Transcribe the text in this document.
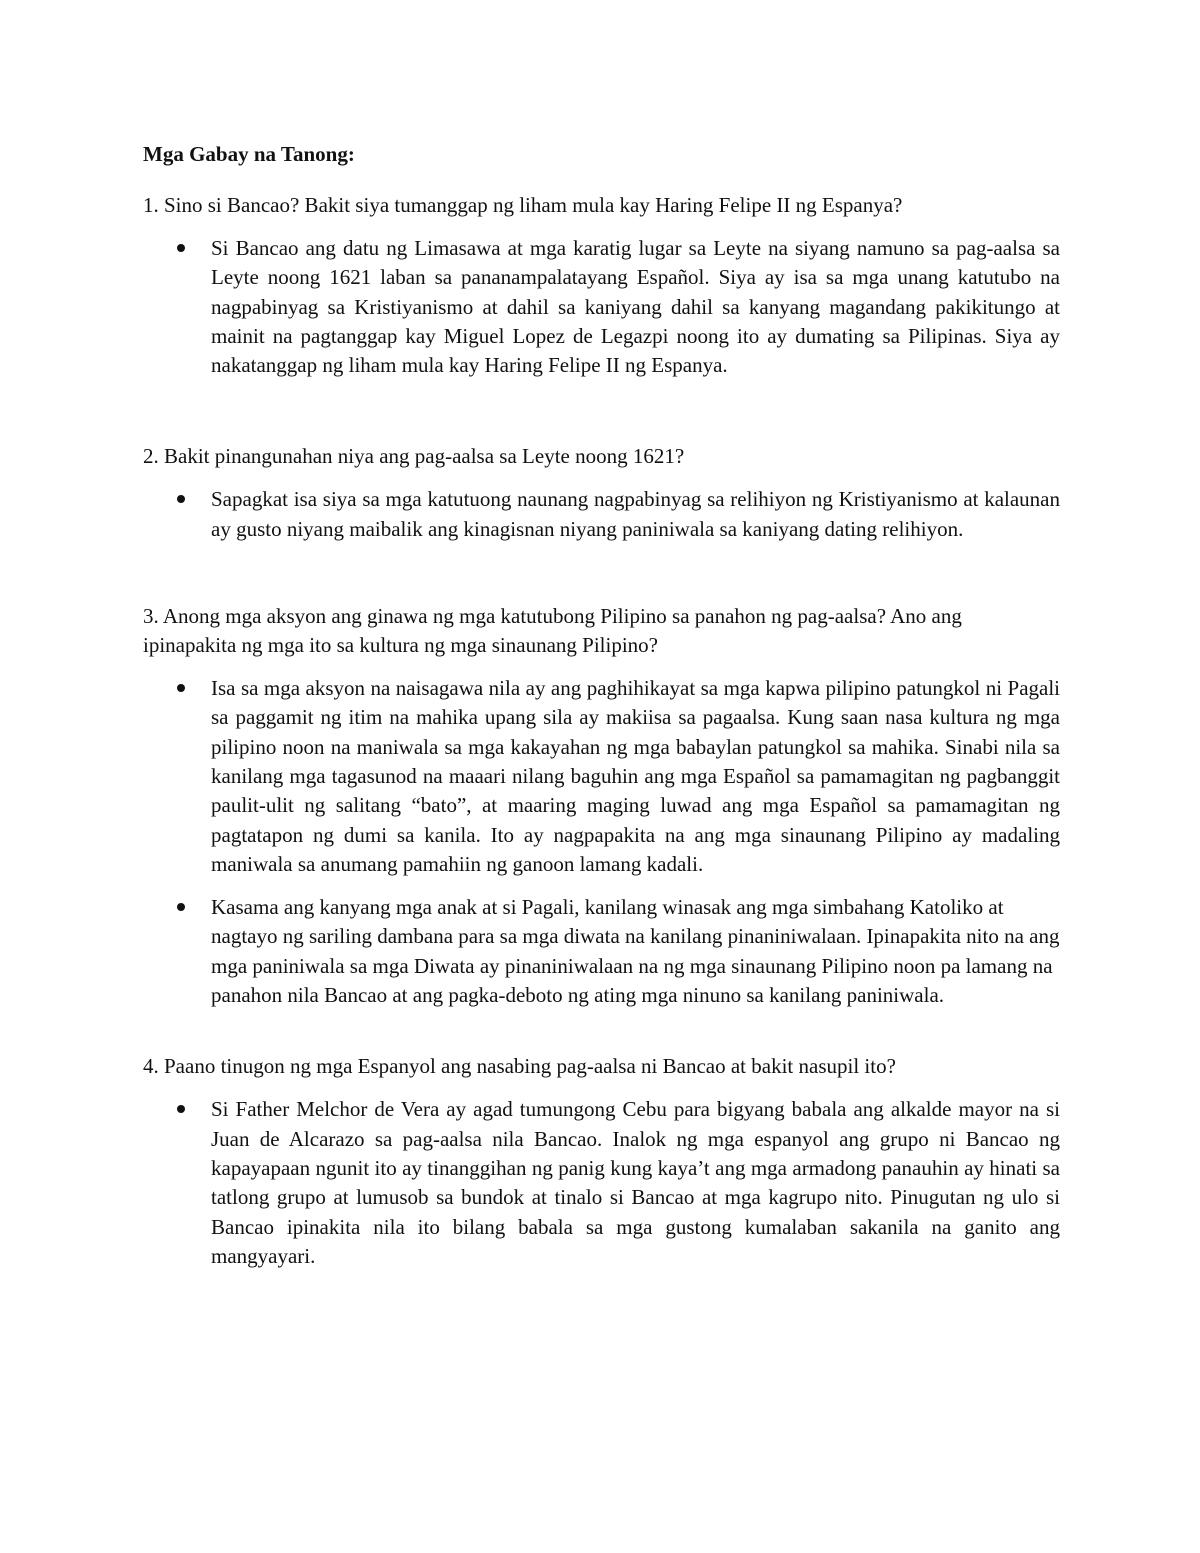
Mga Gabay na Tanong:
1. Sino si Bancao? Bakit siya tumanggap ng liham mula kay Haring Felipe II ng Espanya?
Si Bancao ang datu ng Limasawa at mga karatig lugar sa Leyte na siyang namuno sa pag-aalsa sa Leyte noong 1621 laban sa pananampalatayang Español. Siya ay isa sa mga unang katutubo na nagpabinyag sa Kristiyanismo at dahil sa kaniyang dahil sa kanyang magandang pakikitungo at mainit na pagtanggap kay Miguel Lopez de Legazpi noong ito ay dumating sa Pilipinas. Siya ay nakatanggap ng liham mula kay Haring Felipe II ng Espanya.
2. Bakit pinangunahan niya ang pag-aalsa sa Leyte noong 1621?
Sapagkat isa siya sa mga katutuong naunang nagpabinyag sa relihiyon ng Kristiyanismo at kalaunan ay gusto niyang maibalik ang kinagisnan niyang paniniwala sa kaniyang dating relihiyon.
3. Anong mga aksyon ang ginawa ng mga katutubong Pilipino sa panahon ng pag-aalsa? Ano ang ipinapakita ng mga ito sa kultura ng mga sinaunang Pilipino?
Isa sa mga aksyon na naisagawa nila ay ang paghihikayat sa mga kapwa pilipino patungkol ni Pagali sa paggamit ng itim na mahika upang sila ay makiisa sa pagaalsa. Kung saan nasa kultura ng mga pilipino noon na maniwala sa mga kakayahan ng mga babaylan patungkol sa mahika. Sinabi nila sa kanilang mga tagasunod na maaari nilang baguhin ang mga Español sa pamamagitan ng pagbanggit paulit-ulit ng salitang “bato”, at maaring maging luwad ang mga Español sa pamamagitan ng pagtatapon ng dumi sa kanila. Ito ay nagpapakita na ang mga sinaunang Pilipino ay madaling maniwala sa anumang pamahiin ng ganoon lamang kadali.
Kasama ang kanyang mga anak at si Pagali, kanilang winasak ang mga simbahang Katoliko at nagtayo ng sariling dambana para sa mga diwata na kanilang pinaniniwalaan. Ipinapakita nito na ang mga paniniwala sa mga Diwata ay pinaniniwalaan na ng mga sinaunang Pilipino noon pa lamang na panahon nila Bancao at ang pagka-deboto ng ating mga ninuno sa kanilang paniniwala.
4. Paano tinugon ng mga Espanyol ang nasabing pag-aalsa ni Bancao at bakit nasupil ito?
Si Father Melchor de Vera ay agad tumungong Cebu para bigyang babala ang alkalde mayor na si Juan de Alcarazo sa pag-aalsa nila Bancao. Inalok ng mga espanyol ang grupo ni Bancao ng kapayapaan ngunit ito ay tinanggihan ng panig kung kaya’t ang mga armadong panauhin ay hinati sa tatlong grupo at lumusob sa bundok at tinalo si Bancao at mga kagrupo nito. Pinugutan ng ulo si Bancao ipinakita nila ito bilang babala sa mga gustong kumalaban sakanila na ganito ang mangyayari.
